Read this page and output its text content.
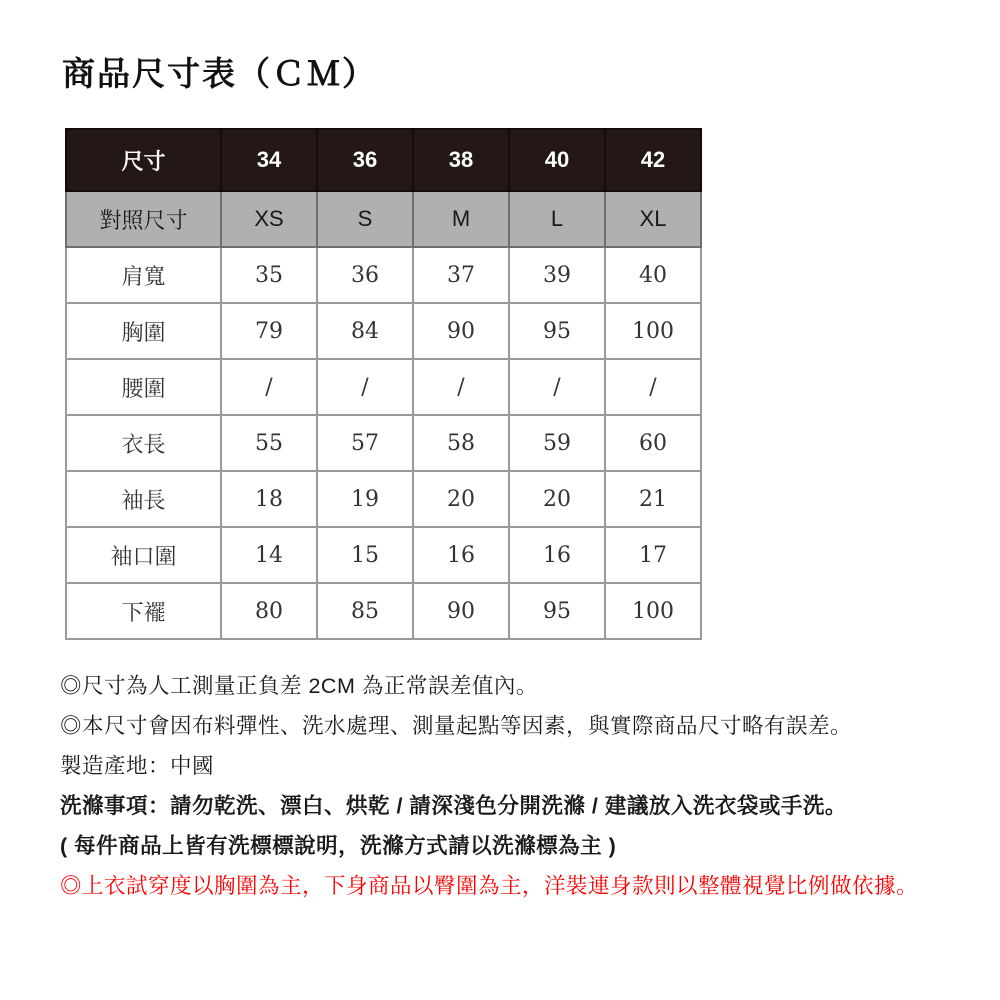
商品尺寸表（ＣＭ）
尺寸	34	36	38	40	42
對照尺寸	XS	S	M	L	XL
肩寬	35	36	37	39	40
胸圍	79	84	90	95	100
腰圍	/	/	/	/	/
衣長	55	57	58	59	60
袖長	18	19	20	20	21
袖口圍	14	15	16	16	17
下襬	80	85	90	95	100

◎尺寸為人工測量正負差 2CM 為正常誤差值內。

◎本尺寸會因布料彈性、洗水處理、測量起點等因素，與實際商品尺寸略有誤差。

製造產地：中國

洗滌事項：請勿乾洗、漂白、烘乾 / 請深淺色分開洗滌 / 建議放入洗衣袋或手洗。

( 每件商品上皆有洗標標說明，洗滌方式請以洗滌標為主 )

◎上衣試穿度以胸圍為主，下身商品以臀圍為主，洋裝連身款則以整體視覺比例做依據。
